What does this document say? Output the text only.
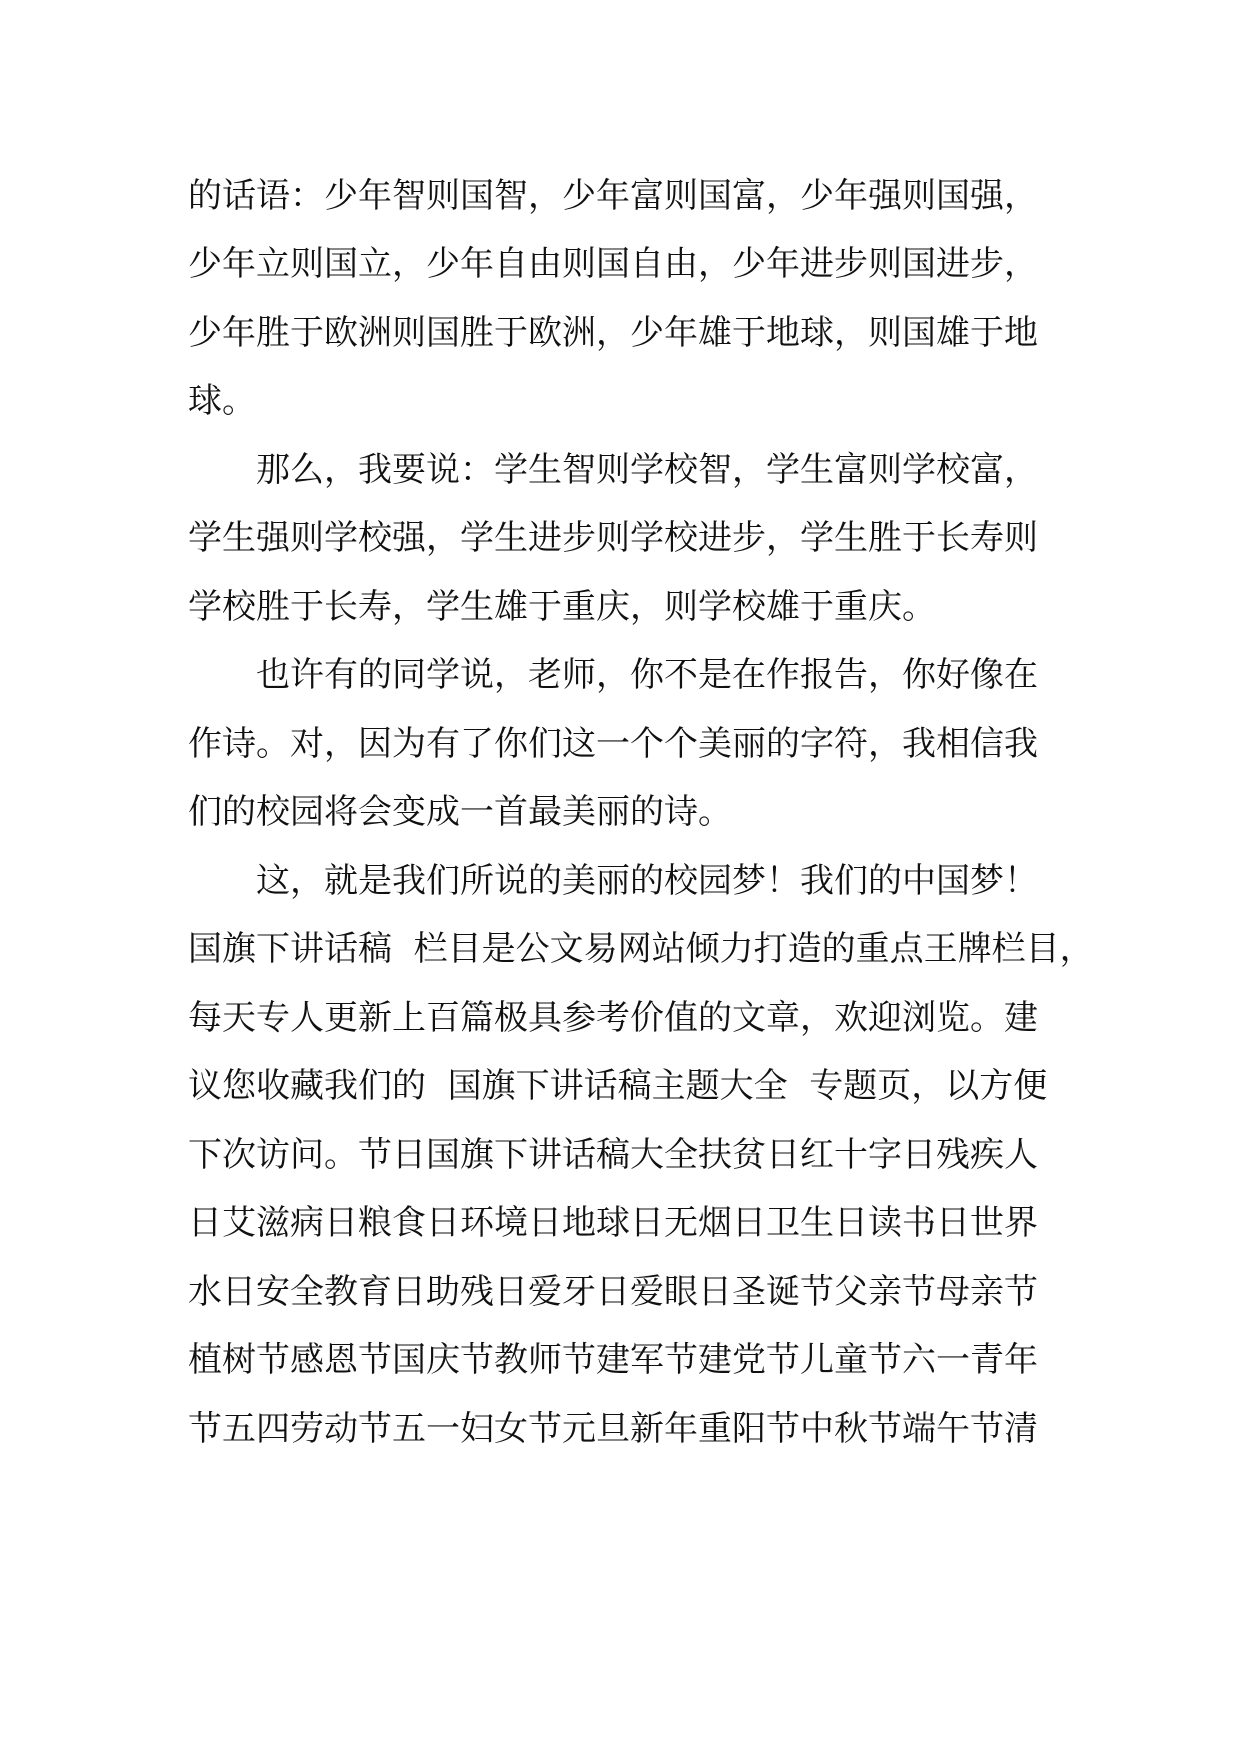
的话语：少年智则国智，少年富则国富，少年强则国强，

少年立则国立，少年自由则国自由，少年进步则国进步，

少年胜于欧洲则国胜于欧洲，少年雄于地球，则国雄于地

球。

那么，我要说：学生智则学校智，学生富则学校富，

学生强则学校强，学生进步则学校进步，学生胜于长寿则

学校胜于长寿，学生雄于重庆，则学校雄于重庆。

也许有的同学说，老师，你不是在作报告，你好像在

作诗。对，因为有了你们这一个个美丽的字符，我相信我

们的校园将会变成一首最美丽的诗。

这，就是我们所说的美丽的校园梦！我们的中国梦！

国旗下讲话稿  栏目是公文易网站倾力打造的重点王牌栏目，

每天专人更新上百篇极具参考价值的文章，欢迎浏览。建

议您收藏我们的  国旗下讲话稿主题大全  专题页，以方便

下次访问。节日国旗下讲话稿大全扶贫日红十字日残疾人

日艾滋病日粮食日环境日地球日无烟日卫生日读书日世界

水日安全教育日助残日爱牙日爱眼日圣诞节父亲节母亲节

植树节感恩节国庆节教师节建军节建党节儿童节六一青年

节五四劳动节五一妇女节元旦新年重阳节中秋节端午节清
